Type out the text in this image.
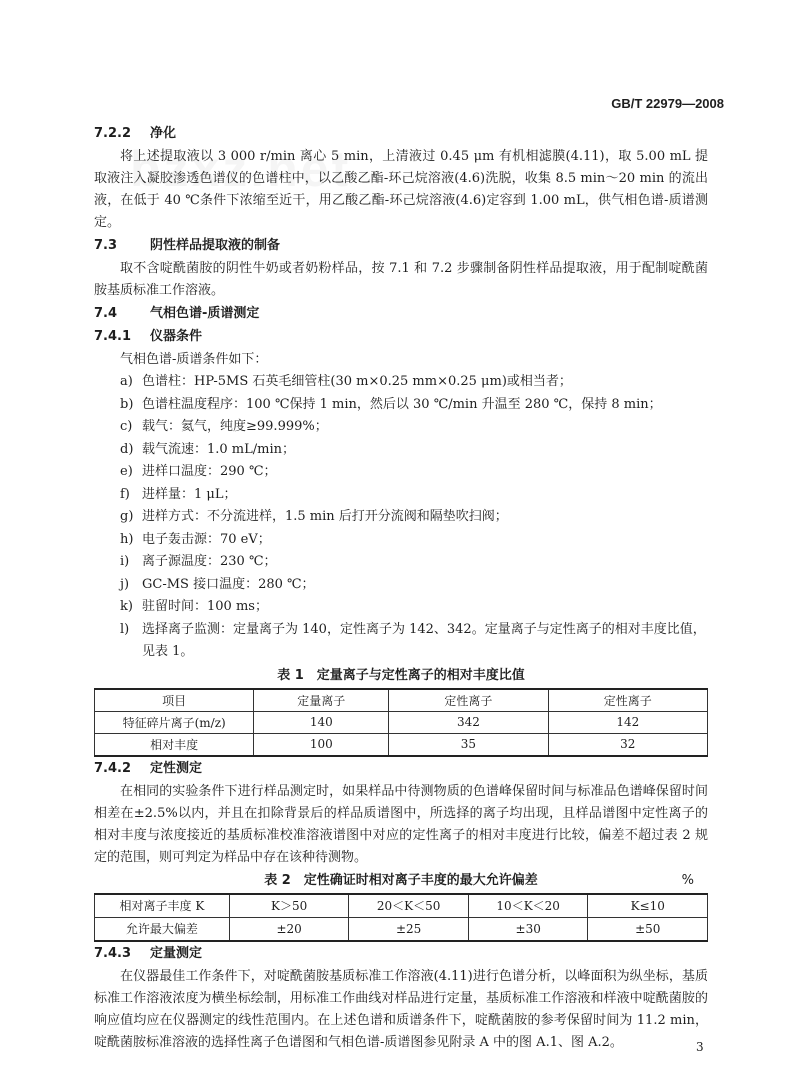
GB/T 22979—2008
7.2.2 净化
将上述提取液以 3 000 r/min 离心 5 min，上清液过 0.45 μm 有机相滤膜(4.11)，取 5.00 mL 提取液注入凝胶渗透色谱仪的色谱柱中，以乙酸乙酯-环己烷溶液(4.6)洗脱，收集 8.5 min～20 min 的流出液，在低于 40 ℃条件下浓缩至近干，用乙酸乙酯-环己烷溶液(4.6)定容到 1.00 mL，供气相色谱-质谱测定。
7.3	阴性样品提取液的制备
取不含啶酰菌胺的阴性牛奶或者奶粉样品，按 7.1 和 7.2 步骤制备阴性样品提取液，用于配制啶酰菌胺基质标准工作溶液。
7.4	气相色谱-质谱测定
7.4.1 仪器条件
气相色谱-质谱条件如下：
a) 色谱柱：HP-5MS 石英毛细管柱(30 m×0.25 mm×0.25 μm)或相当者；
b) 色谱柱温度程序：100 ℃保持 1 min，然后以 30 ℃/min 升温至 280 ℃，保持 8 min；
c) 载气：氦气，纯度≥99.999%；
d) 载气流速：1.0 mL/min；
e) 进样口温度：290 ℃；
f) 进样量：1 μL；
g) 进样方式：不分流进样，1.5 min 后打开分流阀和隔垫吹扫阀；
h) 电子轰击源：70 eV；
i) 离子源温度：230 ℃；
j) GC-MS 接口温度：280 ℃；
k) 驻留时间：100 ms；
l) 选择离子监测：定量离子为 140，定性离子为 142、342。定量离子与定性离子的相对丰度比值，见表 1。
表 1　定量离子与定性离子的相对丰度比值
项目	定量离子	定性离子	定性离子
特征碎片离子(m/z)	140	342	142
相对丰度	100	35	32
7.4.2 定性测定
在相同的实验条件下进行样品测定时，如果样品中待测物质的色谱峰保留时间与标准品色谱峰保留时间相差在±2.5%以内，并且在扣除背景后的样品质谱图中，所选择的离子均出现，且样品谱图中定性离子的相对丰度与浓度接近的基质标准校准溶液谱图中对应的定性离子的相对丰度进行比较，偏差不超过表 2 规定的范围，则可判定为样品中存在该种待测物。
表 2　定性确证时相对离子丰度的最大允许偏差	%
相对离子丰度 K	K＞50	20＜K＜50	10＜K＜20	K≤10
允许最大偏差	±20	±25	±30	±50
7.4.3 定量测定
在仪器最佳工作条件下，对啶酰菌胺基质标准工作溶液(4.11)进行色谱分析，以峰面积为纵坐标，基质标准工作溶液浓度为横坐标绘制，用标准工作曲线对样品进行定量，基质标准工作溶液和样液中啶酰菌胺的响应值均应在仪器测定的线性范围内。在上述色谱和质谱条件下，啶酰菌胺的参考保留时间为 11.2 min，啶酰菌胺标准溶液的选择性离子色谱图和气相色谱-质谱图参见附录 A 中的图 A.1、图 A.2。	3
